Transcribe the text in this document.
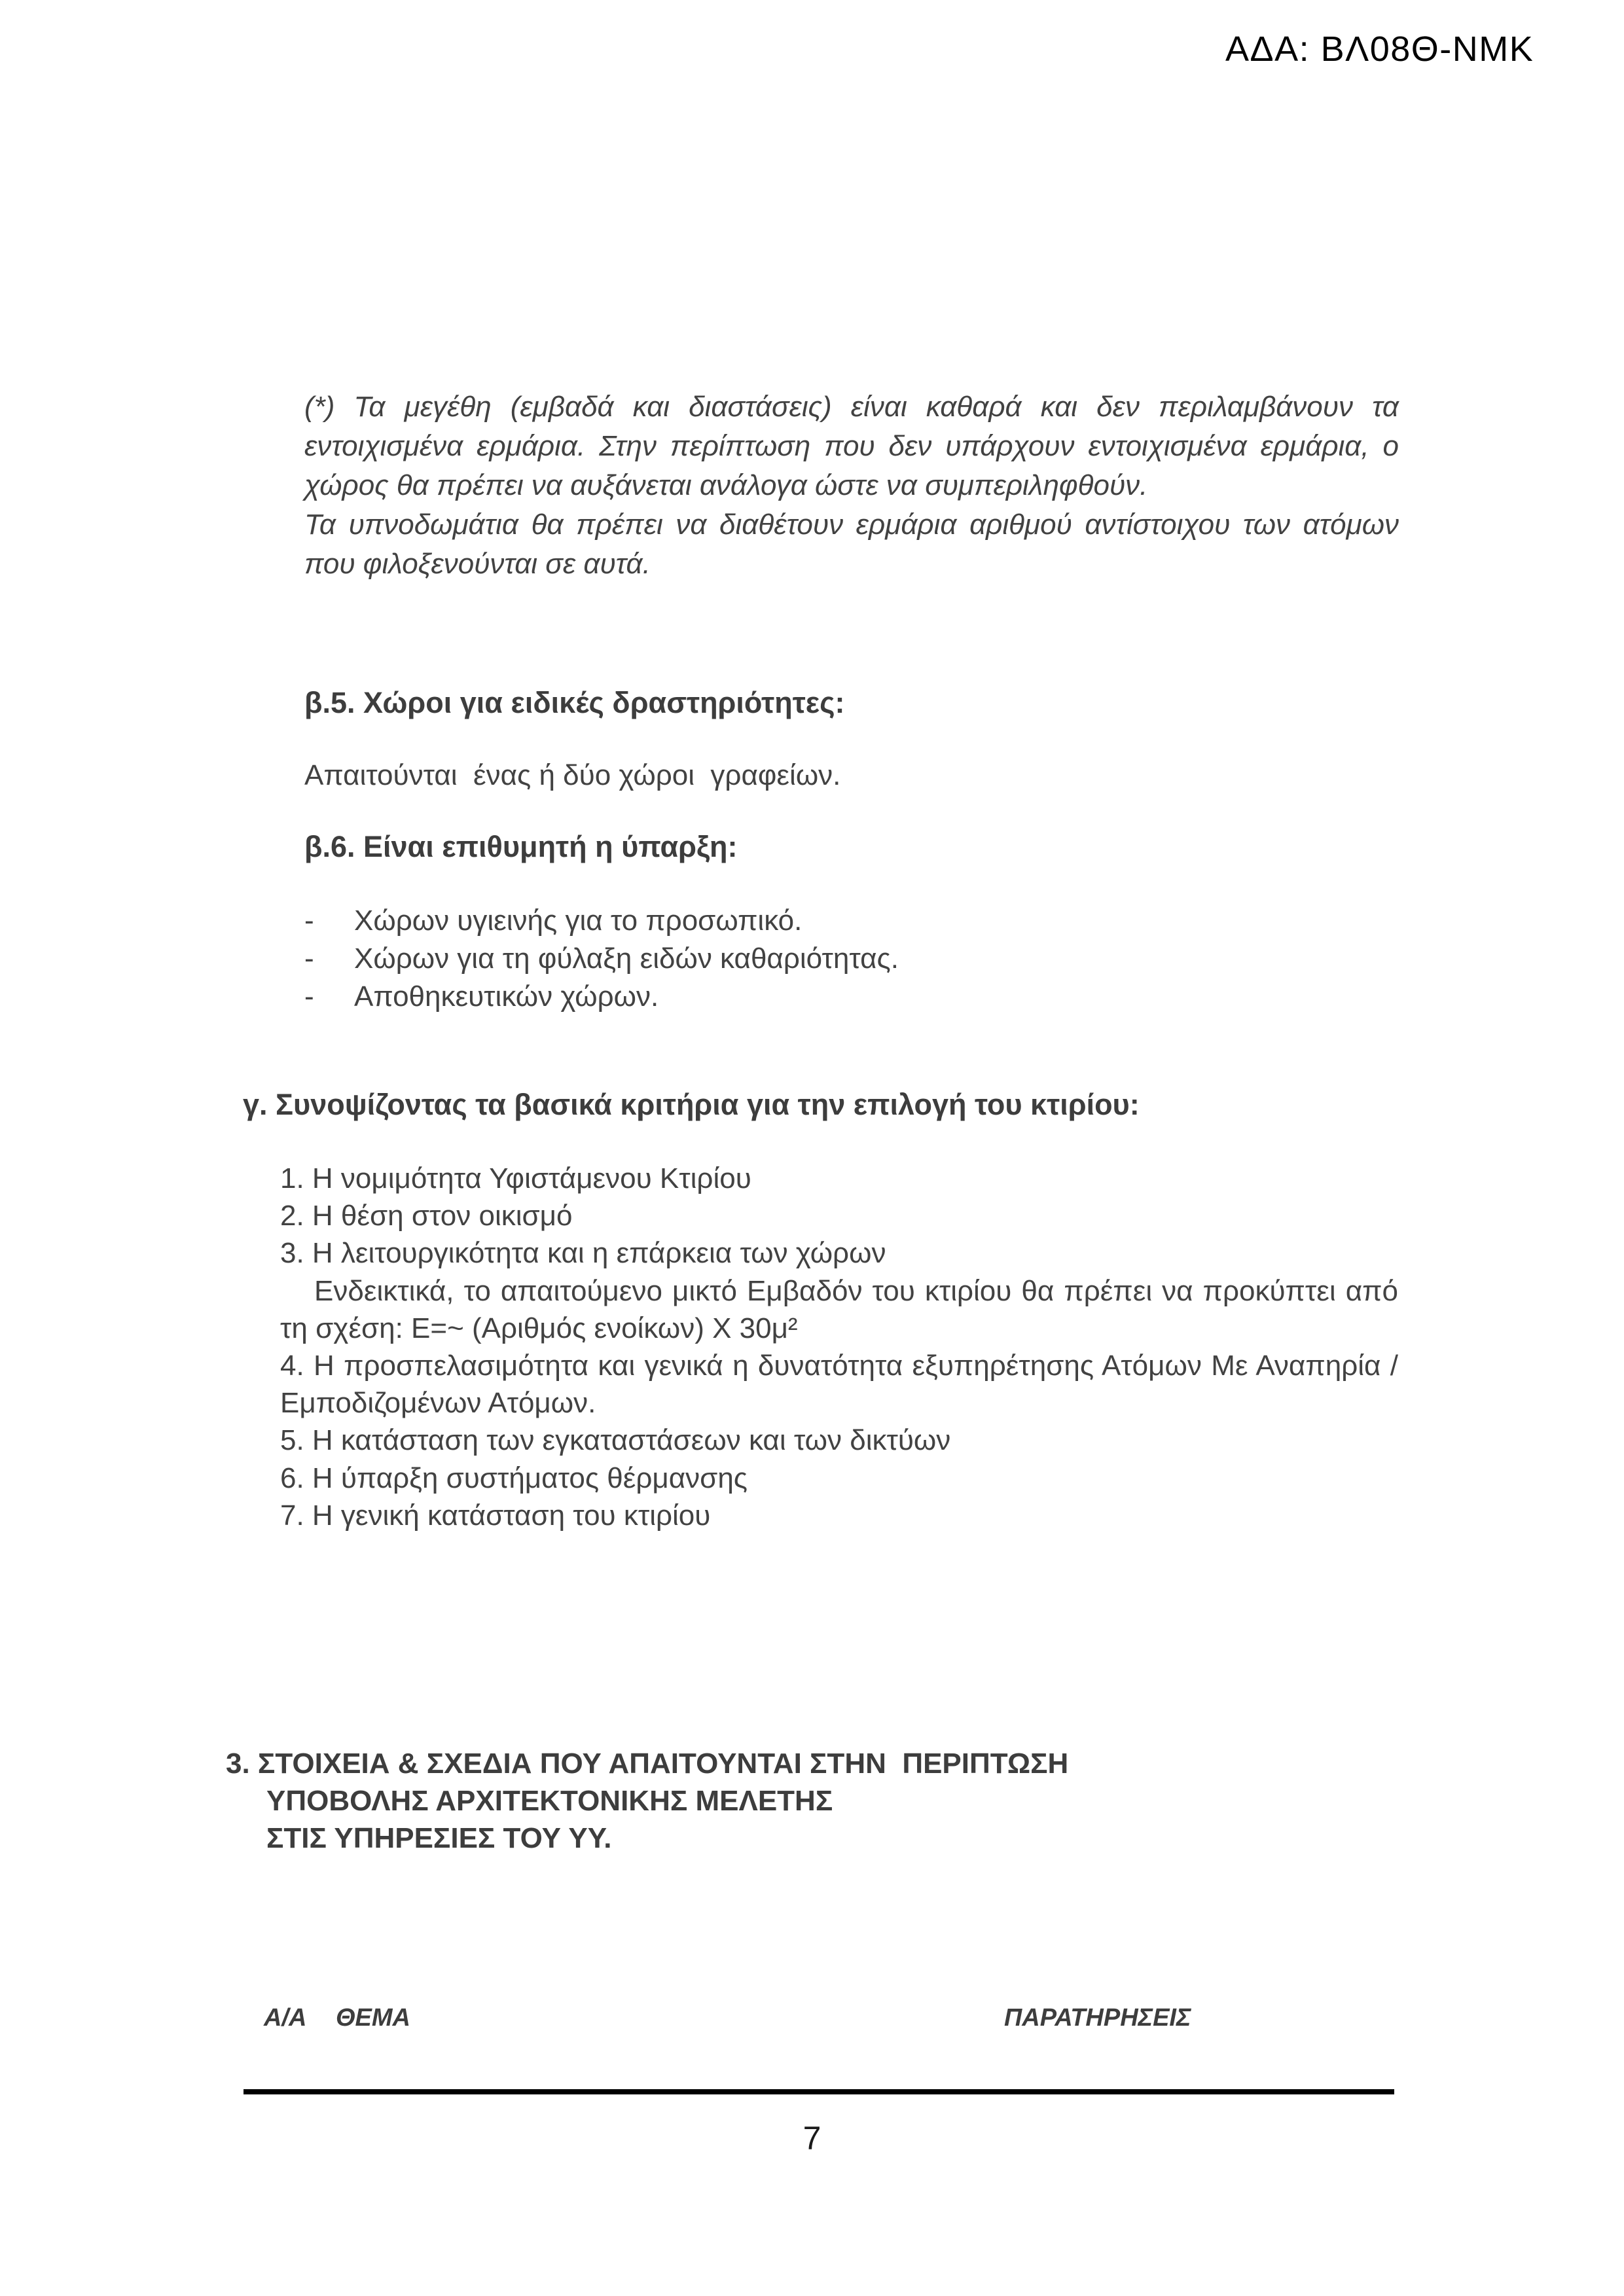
ΑΔΑ: ΒΛ08Θ-ΝΜΚ

(*) Τα μεγέθη (εμβαδά και διαστάσεις) είναι καθαρά και δεν περιλαμβάνουν τα εντοιχισμένα ερμάρια. Στην περίπτωση που δεν υπάρχουν εντοιχισμένα ερμάρια, ο χώρος θα πρέπει να αυξάνεται ανάλογα ώστε να συμπεριληφθούν.

Τα υπνοδωμάτια θα πρέπει να διαθέτουν ερμάρια αριθμού αντίστοιχου των ατόμων που φιλοξενούνται σε αυτά.

β.5. Χώροι για ειδικές δραστηριότητες:

Απαιτούνται  ένας ή δύο χώροι  γραφείων.

β.6. Είναι επιθυμητή η ύπαρξη:
- Χώρων υγιεινής για το προσωπικό.
- Χώρων για τη φύλαξη ειδών καθαριότητας.
- Αποθηκευτικών χώρων.
γ. Συνοψίζοντας τα βασικά κριτήρια για την επιλογή του κτιρίου:
1. Η νομιμότητα Υφιστάμενου Κτιρίου
2. Η θέση στον οικισμό
3. Η λειτουργικότητα και η επάρκεια των χώρων
Ενδεικτικά, το απαιτούμενο μικτό Εμβαδόν του κτιρίου θα πρέπει να προκύπτει από τη σχέση: Ε=~ (Αριθμός ενοίκων) Χ 30μ²
4. Η προσπελασιμότητα και γενικά η δυνατότητα εξυπηρέτησης Ατόμων Με Αναπηρία / Εμποδιζομένων Ατόμων.
5. Η κατάσταση των εγκαταστάσεων και των δικτύων
6. Η ύπαρξη συστήματος θέρμανσης
7. Η γενική κατάσταση του κτιρίου
3. ΣΤΟΙΧΕΙΑ & ΣΧΕΔΙΑ ΠΟΥ ΑΠΑΙΤΟΥΝΤΑΙ ΣΤΗΝ  ΠΕΡΙΠΤΩΣΗ
ΥΠΟΒΟΛΗΣ ΑΡΧΙΤΕΚΤΟΝΙΚΗΣ ΜΕΛΕΤΗΣ
ΣΤΙΣ ΥΠΗΡΕΣΙΕΣ ΤΟΥ ΥΥ.
Α/Α ΘΕΜΑ	ΠΑΡΑΤΗΡΗΣΕΙΣ
7
